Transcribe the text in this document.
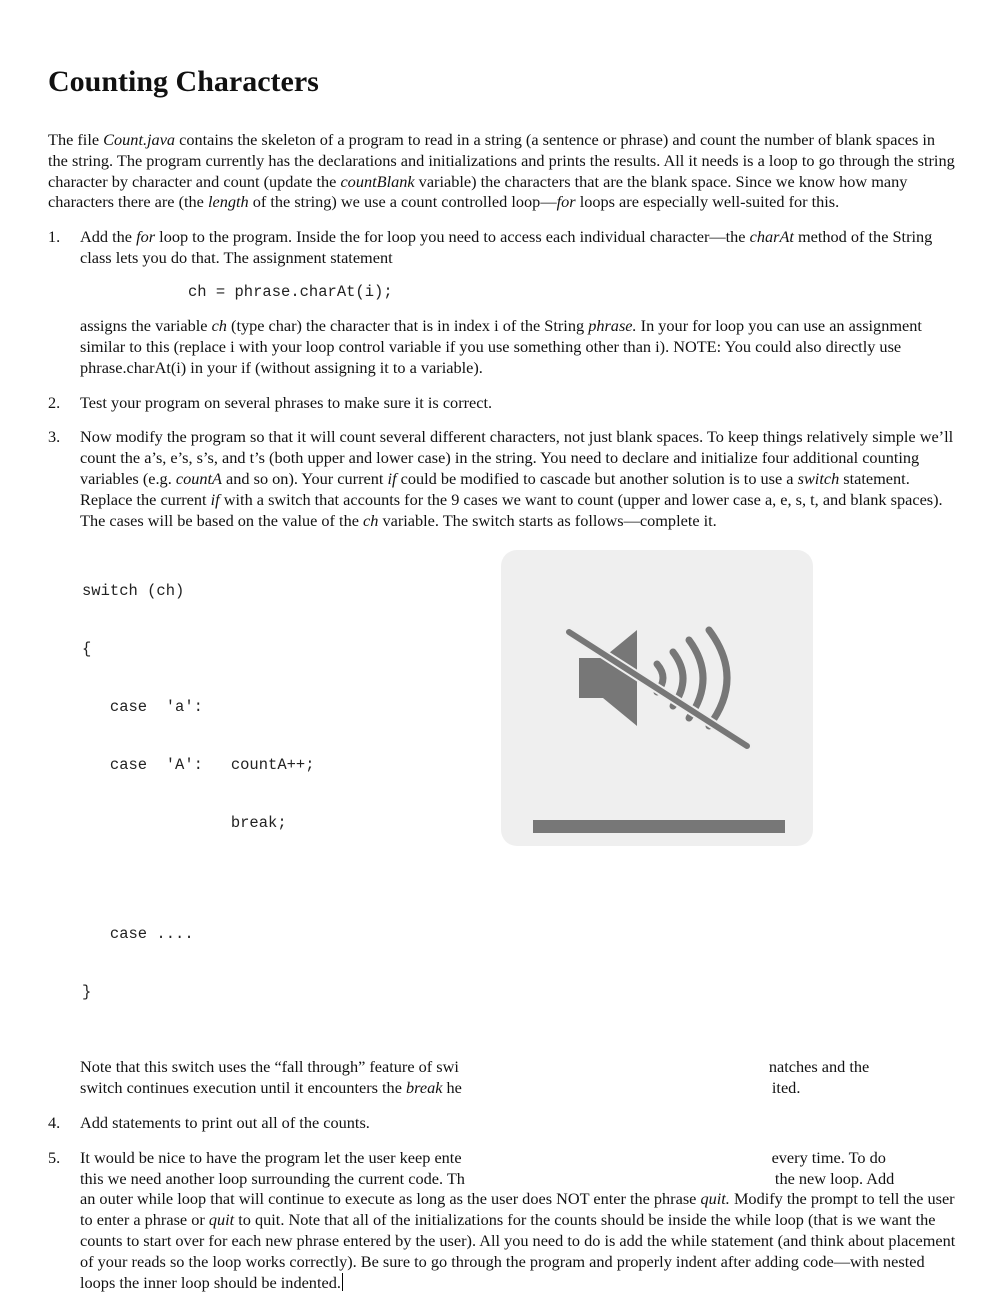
Counting Characters

The file Count.java contains the skeleton of a program to read in a string (a sentence or phrase) and count the number of blank spaces in the string. The program currently has the declarations and initializations and prints the results. All it needs is a loop to go through the string character by character and count (update the countBlank variable) the characters that are the blank space. Since we know how many characters there are (the length of the string) we use a count controlled loop—for loops are especially well-suited for this.

1. Add the for loop to the program. Inside the for loop you need to access each individual character—the charAt method of the String class lets you do that. The assignment statement

ch = phrase.charAt(i);

assigns the variable ch (type char) the character that is in index i of the String phrase. In your for loop you can use an assignment similar to this (replace i with your loop control variable if you use something other than i). NOTE: You could also directly use phrase.charAt(i) in your if (without assigning it to a variable).

2. Test your program on several phrases to make sure it is correct.

3. Now modify the program so that it will count several different characters, not just blank spaces. To keep things relatively simple we’ll count the a’s, e’s, s’s, and t’s (both upper and lower case) in the string. You need to declare and initialize four additional counting variables (e.g. countA and so on). Your current if could be modified to cascade but another solution is to use a switch statement. Replace the current if with a switch that accounts for the 9 cases we want to count (upper and lower case a, e, s, t, and blank spaces). The cases will be based on the value of the ch variable. The switch starts as follows—complete it.

switch (ch)

{

case  'a':

case  'A':   countA++;

break;

case ....

}

Note that this switch uses the “fall through” feature of swi	natches and the
switch continues execution until it encounters the break he	ited.

4. Add statements to print out all of the counts.

5. It would be nice to have the program let the user keep ente	every time. To do
this we need another loop surrounding the current code. Th	the new loop. Add
an outer while loop that will continue to execute as long as the user does NOT enter the phrase quit. Modify the prompt to tell the user to enter a phrase or quit to quit. Note that all of the initializations for the counts should be inside the while loop (that is we want the counts to start over for each new phrase entered by the user). All you need to do is add the while statement (and think about placement of your reads so the loop works correctly). Be sure to go through the program and properly indent after adding code—with nested loops the inner loop should be indented.
